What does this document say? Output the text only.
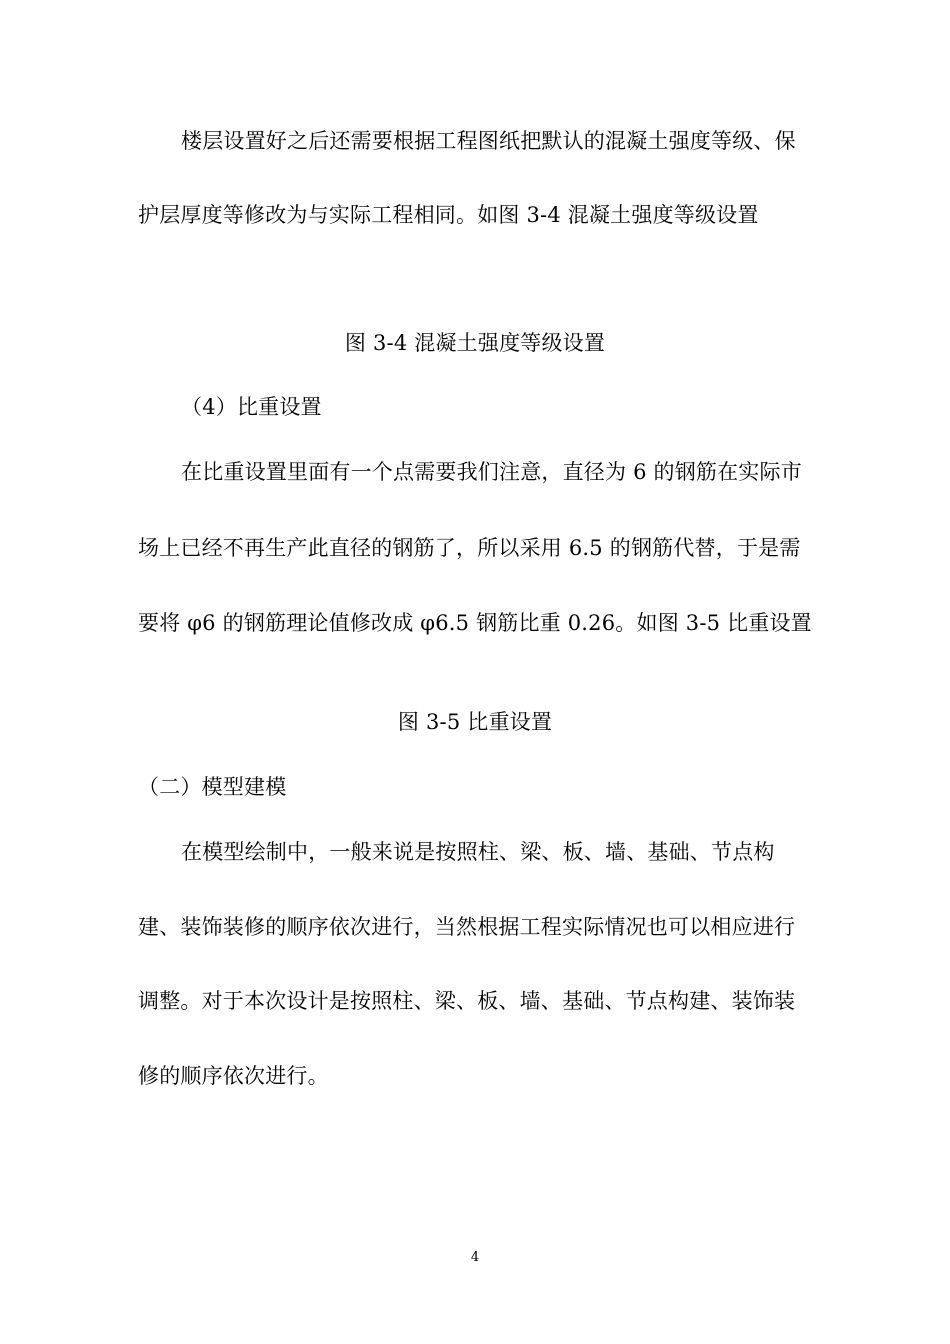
楼层设置好之后还需要根据工程图纸把默认的混凝土强度等级、保
护层厚度等修改为与实际工程相同。如图 3-4 混凝土强度等级设置
图 3-4 混凝土强度等级设置
（4）比重设置
在比重设置里面有一个点需要我们注意，直径为 6 的钢筋在实际市
场上已经不再生产此直径的钢筋了，所以采用 6.5 的钢筋代替，于是需
要将 φ6 的钢筋理论值修改成 φ6.5 钢筋比重 0.26。如图 3-5 比重设置
图 3-5 比重设置
（二）模型建模
在模型绘制中，一般来说是按照柱、梁、板、墙、基础、节点构
建、装饰装修的顺序依次进行，当然根据工程实际情况也可以相应进行
调整。对于本次设计是按照柱、梁、板、墙、基础、节点构建、装饰装
修的顺序依次进行。
4
